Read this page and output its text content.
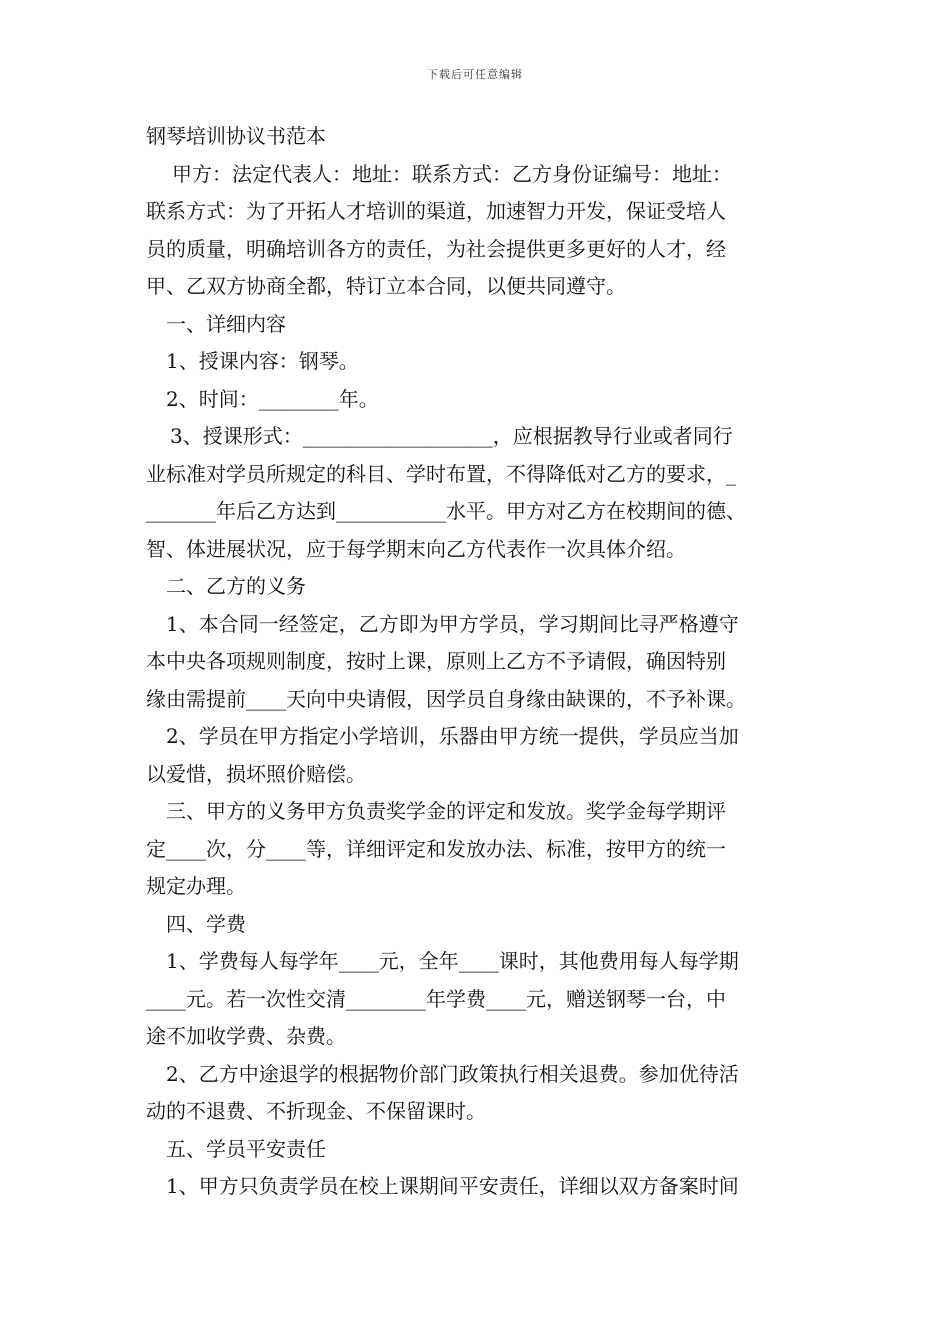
下载后可任意编辑
钢琴培训协议书范本
甲方：法定代表人：地址：联系方式：乙方身份证编号：地址：
联系方式：为了开拓人才培训的渠道，加速智力开发，保证受培人
员的质量，明确培训各方的责任，为社会提供更多更好的人才，经
甲、乙双方协商全都，特订立本合同，以便共同遵守。
一、详细内容
1、授课内容：钢琴。
2、时间：________年。
3、授课形式：___________________，应根据教导行业或者同行
业标准对学员所规定的科目、学时布置，不得降低对乙方的要求，_
_______年后乙方达到___________水平。甲方对乙方在校期间的德、
智、体进展状况，应于每学期末向乙方代表作一次具体介绍。
二、乙方的义务
1、本合同一经签定，乙方即为甲方学员，学习期间比寻严格遵守
本中央各项规则制度，按时上课，原则上乙方不予请假，确因特别
缘由需提前____天向中央请假，因学员自身缘由缺课的，不予补课。
2、学员在甲方指定小学培训，乐器由甲方统一提供，学员应当加
以爱惜，损坏照价赔偿。
三、甲方的义务甲方负责奖学金的评定和发放。奖学金每学期评
定____次，分____等，详细评定和发放办法、标准，按甲方的统一
规定办理。
四、学费
1、学费每人每学年____元，全年____课时，其他费用每人每学期
____元。若一次性交清________年学费____元，赠送钢琴一台，中
途不加收学费、杂费。
2、乙方中途退学的根据物价部门政策执行相关退费。参加优待活
动的不退费、不折现金、不保留课时。
五、学员平安责任
1、甲方只负责学员在校上课期间平安责任，详细以双方备案时间
